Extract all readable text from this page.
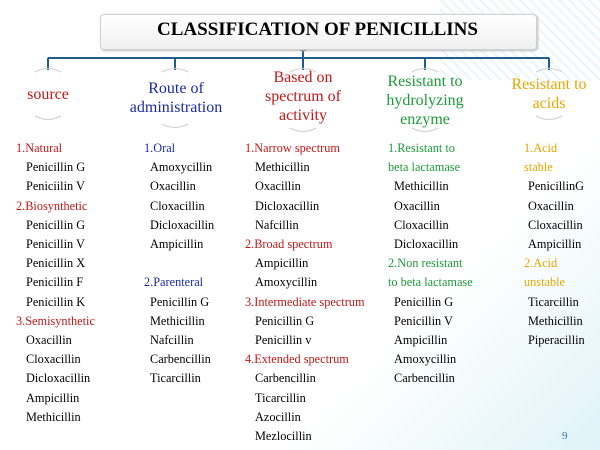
CLASSIFICATION OF PENICILLINS
source	Route of administration
Based on spectrum of activity
Resistant to hydrolyzing enzyme
Resistant to acids
1.Natural
Penicillin G
Peniciilin V
2.Biosynthetic
Penicillin G
Penicillin V
Penicillin X
Penicillin F
Penicillin K
3.Semisynthetic
Oxacillin
Cloxacillin
Dicloxacillin
Ampicillin
Methicillin
1.Oral
Amoxycillin
Oxacillin
Cloxacillin
Dicloxacillin
Ampicillin

2.Parenteral
Penicillin G
Methicillin
Nafcillin
Carbencillin
Ticarcillin
1.Narrow spectrum
Methicillin
Oxacillin
Dicloxacillin
Nafcillin
2.Broad spectrum
Ampicillin
Amoxycillin
3.Intermediate spectrum
Penicillin G
Penicillin v
4.Extended spectrum
Carbencillin
Ticarcillin
Azocillin
Mezlocillin
1.Resistant to
beta lactamase
Methicillin
Oxacillin
Cloxacillin
Dicloxacillin
2.Non resistant
to beta lactamase
Penicillin G
Penicillin V
Ampicillin
Amoxycillin
Carbencillin
1.Acid
stable
PenicillinG
Oxacillin
Cloxacillin
Ampicillin
2.Acid
unstable
Ticarcillin
Methicillin
Piperacillin
9
